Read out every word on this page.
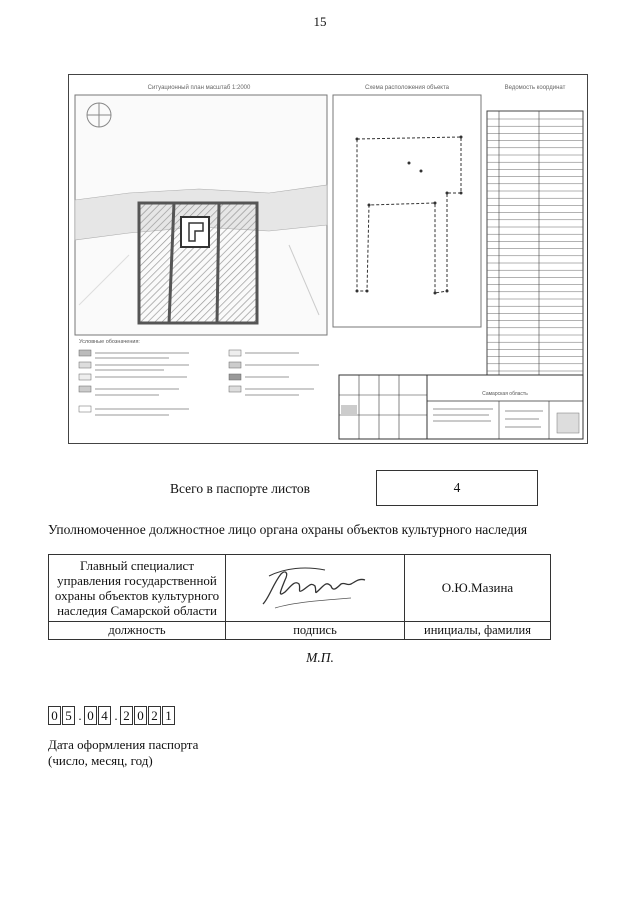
15
Ситуационный план масштаб 1:2000
Условные обозначения:
Схема расположения объекта	Ведомость координат
Самарская область
Всего в паспорте листов	4
Уполномоченное должностное лицо органа охраны объектов культурного наследия
Главный специалист
управления государственной
охраны объектов культурного
наследия Самарской области		О.Ю.Мазина
должность	подпись	инициалы, фамилия
М.П.
0 5 . 0 4 . 2 0 2 1
Дата оформления паспорта
(число, месяц, год)
